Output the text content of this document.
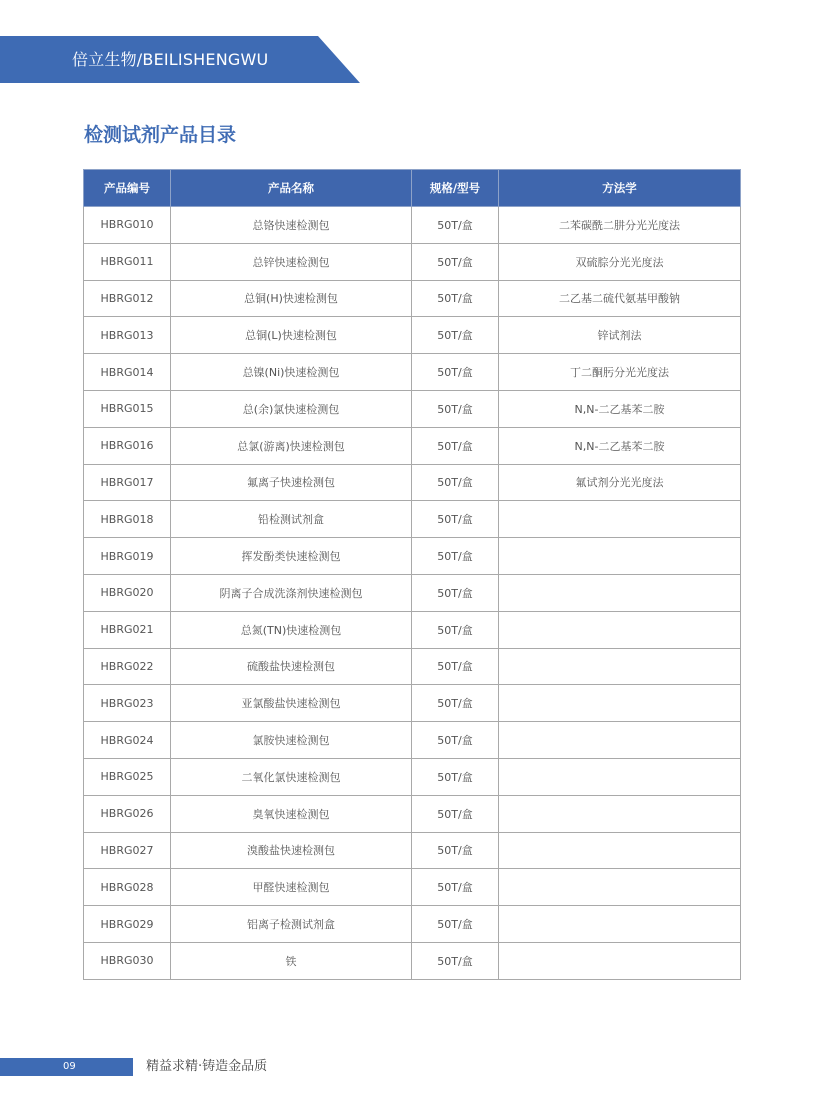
倍立生物/BEILISHENGWU
检测试剂产品目录
产品编号	产品名称	规格/型号	方法学
HBRG010	总铬快速检测包	50T/盒	二苯碳酰二肼分光光度法
HBRG011	总锌快速检测包	50T/盒	双硫腙分光光度法
HBRG012	总铜(H)快速检测包	50T/盒	二乙基二硫代氨基甲酸钠
HBRG013	总铜(L)快速检测包	50T/盒	锌试剂法
HBRG014	总镍(Ni)快速检测包	50T/盒	丁二酮肟分光光度法
HBRG015	总(余)氯快速检测包	50T/盒	N,N-二乙基苯二胺
HBRG016	总氯(游离)快速检测包	50T/盒	N,N-二乙基苯二胺
HBRG017	氟离子快速检测包	50T/盒	氟试剂分光光度法
HBRG018	铅检测试剂盒	50T/盒	
HBRG019	挥发酚类快速检测包	50T/盒	
HBRG020	阴离子合成洗涤剂快速检测包	50T/盒	
HBRG021	总氮(TN)快速检测包	50T/盒	
HBRG022	硫酸盐快速检测包	50T/盒	
HBRG023	亚氯酸盐快速检测包	50T/盒	
HBRG024	氯胺快速检测包	50T/盒	
HBRG025	二氧化氯快速检测包	50T/盒	
HBRG026	臭氧快速检测包	50T/盒	
HBRG027	溴酸盐快速检测包	50T/盒	
HBRG028	甲醛快速检测包	50T/盒	
HBRG029	铝离子检测试剂盒	50T/盒	
HBRG030	铁	50T/盒	
09	精益求精·铸造金品质
